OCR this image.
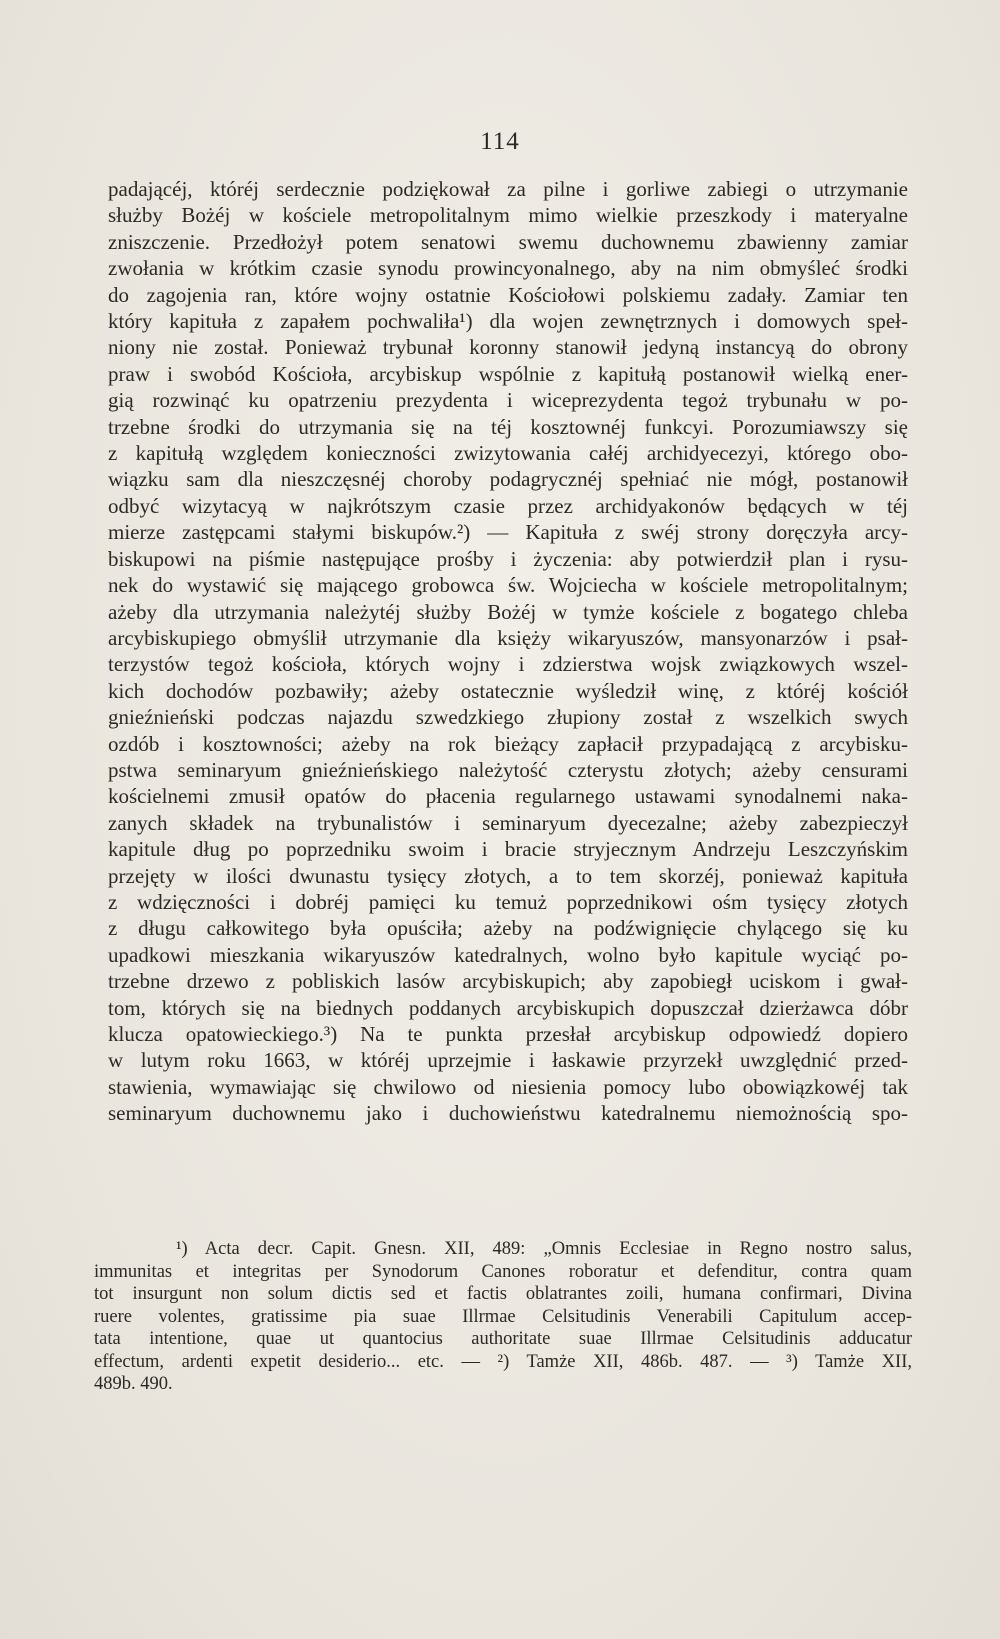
114
padającéj, któréj serdecznie podziękował za pilne i gorliwe zabiegi o utrzymanie
służby Bożéj w kościele metropolitalnym mimo wielkie przeszkody i materyalne
zniszczenie. Przedłożył potem senatowi swemu duchownemu zbawienny zamiar
zwołania w krótkim czasie synodu prowincyonalnego, aby na nim obmyśleć środki
do zagojenia ran, które wojny ostatnie Kościołowi polskiemu zadały. Zamiar ten
który kapituła z zapałem pochwaliła¹) dla wojen zewnętrznych i domowych speł-
niony nie został. Ponieważ trybunał koronny stanowił jedyną instancyą do obrony
praw i swobód Kościoła, arcybiskup wspólnie z kapitułą postanowił wielką ener-
gią rozwinąć ku opatrzeniu prezydenta i wiceprezydenta tegoż trybunału w po-
trzebne środki do utrzymania się na téj kosztownéj funkcyi. Porozumiawszy się
z kapitułą względem konieczności zwizytowania całéj archidyecezyi, którego obo-
wiązku sam dla nieszczęsnéj choroby podagrycznéj spełniać nie mógł, postanowił
odbyć wizytacyą w najkrótszym czasie przez archidyakonów będących w téj
mierze zastępcami stałymi biskupów.²) — Kapituła z swéj strony doręczyła arcy-
biskupowi na piśmie następujące prośby i życzenia: aby potwierdził plan i rysu-
nek do wystawić się mającego grobowca św. Wojciecha w kościele metropolitalnym;
ażeby dla utrzymania należytéj służby Bożéj w tymże kościele z bogatego chleba
arcybiskupiego obmyślił utrzymanie dla księży wikaryuszów, mansyonarzów i psał-
terzystów tegoż kościoła, których wojny i zdzierstwa wojsk związkowych wszel-
kich dochodów pozbawiły; ażeby ostatecznie wyśledził winę, z któréj kościół
gnieźnieński podczas najazdu szwedzkiego złupiony został z wszelkich swych
ozdób i kosztowności; ażeby na rok bieżący zapłacił przypadającą z arcybisku-
pstwa seminaryum gnieźnieńskiego należytość czterystu złotych; ażeby censurami
kościelnemi zmusił opatów do płacenia regularnego ustawami synodalnemi naka-
zanych składek na trybunalistów i seminaryum dyecezalne; ażeby zabezpieczył
kapitule dług po poprzedniku swoim i bracie stryjecznym Andrzeju Leszczyńskim
przejęty w ilości dwunastu tysięcy złotych, a to tem skorzéj, ponieważ kapituła
z wdzięczności i dobréj pamięci ku temuż poprzednikowi ośm tysięcy złotych
z długu całkowitego była opuściła; ażeby na podźwignięcie chylącego się ku
upadkowi mieszkania wikaryuszów katedralnych, wolno było kapitule wyciąć po-
trzebne drzewo z pobliskich lasów arcybiskupich; aby zapobiegł uciskom i gwał-
tom, których się na biednych poddanych arcybiskupich dopuszczał dzierżawca dóbr
klucza opatowieckiego.³) Na te punkta przesłał arcybiskup odpowiedź dopiero
w lutym roku 1663, w któréj uprzejmie i łaskawie przyrzekł uwzględnić przed-
stawienia, wymawiając się chwilowo od niesienia pomocy lubo obowiązkowéj tak
seminaryum duchownemu jako i duchowieństwu katedralnemu niemożnością spo-
¹) Acta decr. Capit. Gnesn. XII, 489: „Omnis Ecclesiae in Regno nostro salus,
immunitas et integritas per Synodorum Canones roboratur et defenditur, contra quam
tot insurgunt non solum dictis sed et factis oblatrantes zoili, humana confirmari, Divina
ruere volentes, gratissime pia suae Illrmae Celsitudinis Venerabili Capitulum accep-
tata intentione, quae ut quantocius authoritate suae Illrmae Celsitudinis adducatur
effectum, ardenti expetit desiderio... etc. — ²) Tamże XII, 486b. 487. — ³) Tamże XII,
489b. 490.
